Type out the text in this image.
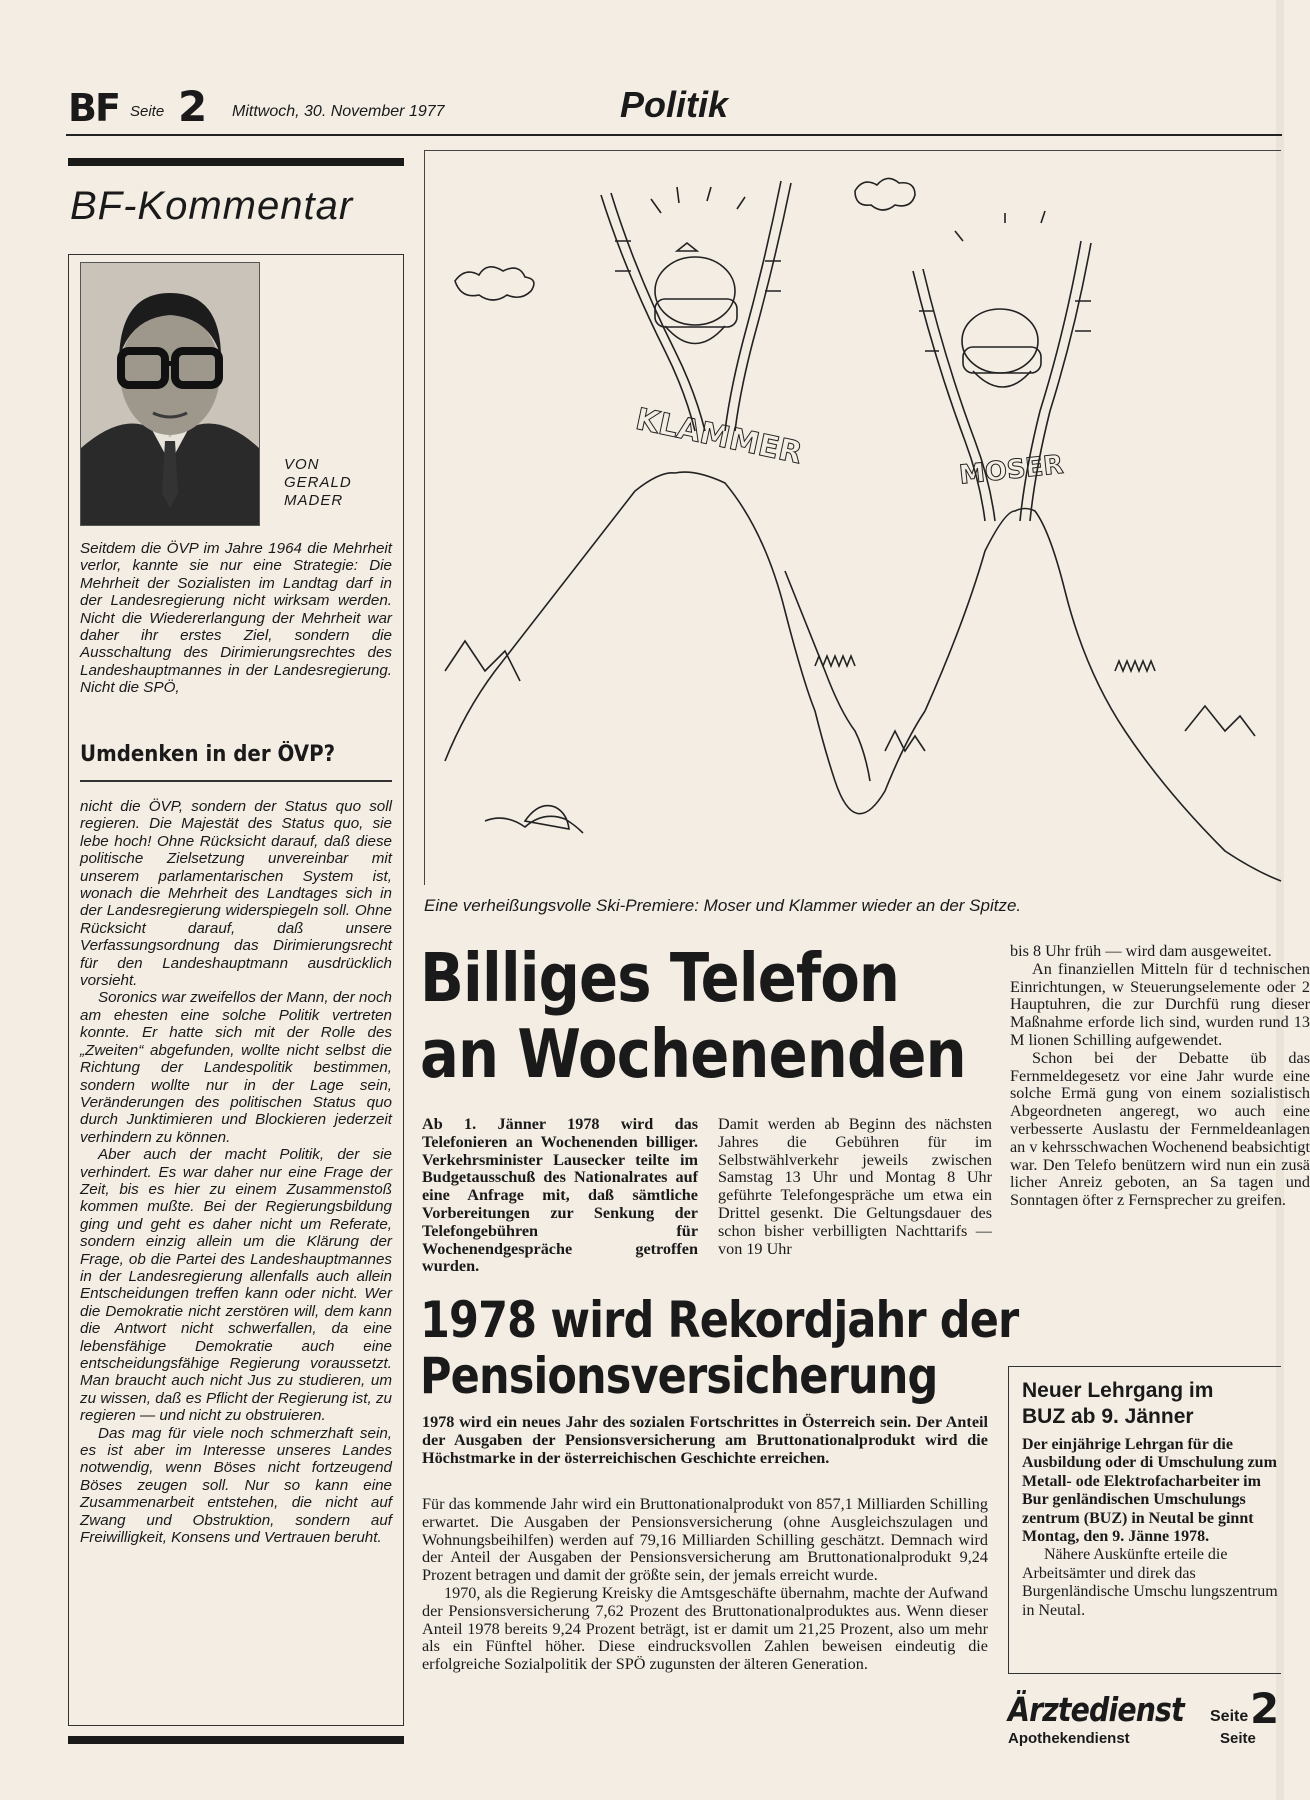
BF Seite 2 Mittwoch, 30. November 1977	Politik
BF-Kommentar
VON
GERALD
MADER

Seitdem die ÖVP im Jahre 1964 die Mehrheit verlor, kannte sie nur eine Strategie: Die Mehrheit der Sozialisten im Landtag darf in der Landesregierung nicht wirksam werden. Nicht die Wiedererlangung der Mehrheit war daher ihr erstes Ziel, sondern die Ausschaltung des Dirimierungsrechtes des Landeshauptmannes in der Landesregierung. Nicht die SPÖ,

Umdenken in der ÖVP?

nicht die ÖVP, sondern der Status quo soll regieren. Die Majestät des Status quo, sie lebe hoch! Ohne Rücksicht darauf, daß diese politische Zielsetzung unvereinbar mit unserem parlamentarischen System ist, wonach die Mehrheit des Landtages sich in der Landesregierung widerspiegeln soll. Ohne Rücksicht darauf, daß unsere Verfassungsordnung das Dirimierungsrecht für den Landeshauptmann ausdrücklich vorsieht.

Soronics war zweifellos der Mann, der noch am ehesten eine solche Politik vertreten konnte. Er hatte sich mit der Rolle des „Zweiten“ abgefunden, wollte nicht selbst die Richtung der Landespolitik bestimmen, sondern wollte nur in der Lage sein, Veränderungen des politischen Status quo durch Junktimieren und Blockieren jederzeit verhindern zu können.

Aber auch der macht Politik, der sie verhindert. Es war daher nur eine Frage der Zeit, bis es hier zu einem Zusammenstoß kommen mußte. Bei der Regierungsbildung ging und geht es daher nicht um Referate, sondern einzig allein um die Klärung der Frage, ob die Partei des Landeshauptmannes in der Landesregierung allenfalls auch allein Entscheidungen treffen kann oder nicht. Wer die Demokratie nicht zerstören will, dem kann die Antwort nicht schwerfallen, da eine lebensfähige Demokratie auch eine entscheidungsfähige Regierung voraussetzt. Man braucht auch nicht Jus zu studieren, um zu wissen, daß es Pflicht der Regierung ist, zu regieren — und nicht zu obstruieren.

Das mag für viele noch schmerzhaft sein, es ist aber im Interesse unseres Landes notwendig, wenn Böses nicht fortzeugend Böses zeugen soll. Nur so kann eine Zusammenarbeit entstehen, die nicht auf Zwang und Obstruktion, sondern auf Freiwilligkeit, Konsens und Vertrauen beruht.

KLAMMER	MOSER
Eine verheißungsvolle Ski-Premiere: Moser und Klammer wieder an der Spitze.
Billiges Telefon
an Wochenenden

Ab 1. Jänner 1978 wird das Telefonieren an Wochenenden billiger. Verkehrsminister Lausecker teilte im Budgetausschuß des Nationalrates auf eine Anfrage mit, daß sämtliche Vorbereitungen zur Senkung der Telefongebühren für Wochenendgespräche getroffen wurden.

Damit werden ab Beginn des nächsten Jahres die Gebühren für im Selbstwählverkehr jeweils zwischen Samstag 13 Uhr und Montag 8 Uhr geführte Telefongespräche um etwa ein Drittel gesenkt. Die Geltungsdauer des schon bisher verbilligten Nachttarifs — von 19 Uhr

bis 8 Uhr früh — wird dam ausgeweitet.

An finanziellen Mitteln für d technischen Einrichtungen, w Steuerungselemente oder 2 Hauptuhren, die zur Durchfü rung dieser Maßnahme erforde lich sind, wurden rund 13 M lionen Schilling aufgewendet.

Schon bei der Debatte üb das Fernmeldegesetz vor eine Jahr wurde eine solche Ermä gung von einem sozialistisch Abgeordneten angeregt, wo auch eine verbesserte Auslastu der Fernmeldeanlagen an v kehrsschwachen Wochenend beabsichtigt war. Den Telefo benützern wird nun ein zusä licher Anreiz geboten, an Sa tagen und Sonntagen öfter z Fernsprecher zu greifen.

1978 wird Rekordjahr der
Pensionsversicherung

1978 wird ein neues Jahr des sozialen Fortschrittes in Österreich sein. Der Anteil der Ausgaben der Pensionsversicherung am Bruttonationalprodukt wird die Höchstmarke in der österreichischen Geschichte erreichen.

Für das kommende Jahr wird ein Bruttonationalprodukt von 857,1 Milliarden Schilling erwartet. Die Ausgaben der Pensionsversicherung (ohne Ausgleichszulagen und Wohnungsbeihilfen) werden auf 79,16 Milliarden Schilling geschätzt. Demnach wird der Anteil der Ausgaben der Pensionsversicherung am Bruttonationalprodukt 9,24 Prozent betragen und damit der größte sein, der jemals erreicht wurde.

1970, als die Regierung Kreisky die Amtsgeschäfte übernahm, machte der Aufwand der Pensionsversicherung 7,62 Prozent des Bruttonationalproduktes aus. Wenn dieser Anteil 1978 bereits 9,24 Prozent beträgt, ist er damit um 21,25 Prozent, also um mehr als ein Fünftel höher. Diese eindrucksvollen Zahlen beweisen eindeutig die erfolgreiche Sozialpolitik der SPÖ zugunsten der älteren Generation.

Neuer Lehrgang im
BUZ ab 9. Jänner

Der einjährige Lehrgan für die Ausbildung oder di Umschulung zum Metall- ode Elektrofacharbeiter im Bur genländischen Umschulungs zentrum (BUZ) in Neutal be ginnt Montag, den 9. Jänne 1978.

Nähere Auskünfte erteile die Arbeitsämter und direk das Burgenländische Umschu lungszentrum in Neutal.

Ärztedienst Seite 2
Apothekendienst	Seite
